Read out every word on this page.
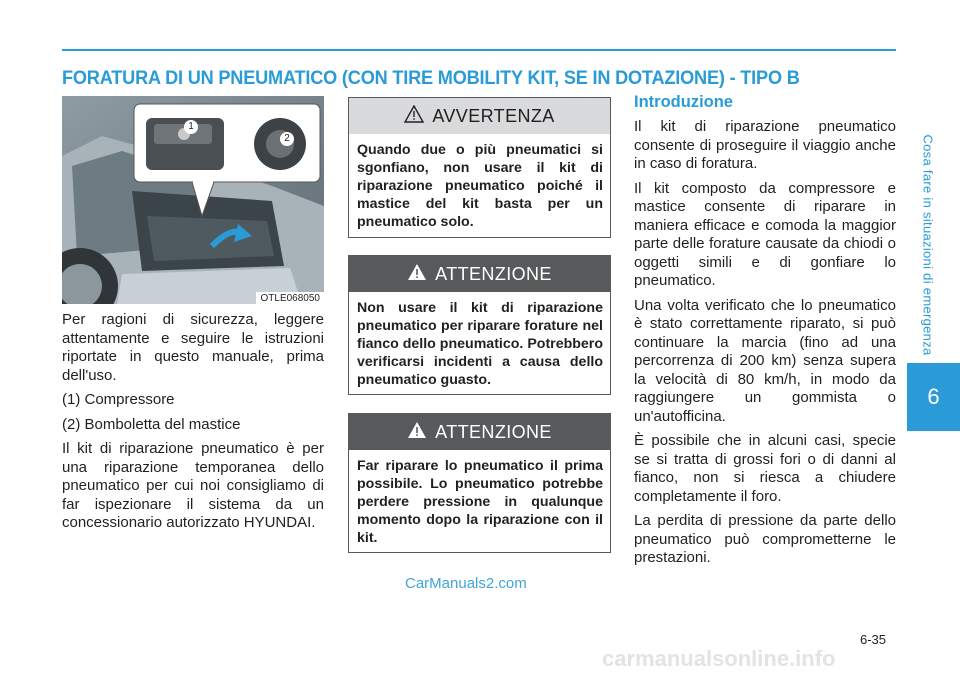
FORATURA DI UN PNEUMATICO (CON TIRE MOBILITY KIT, SE IN DOTAZIONE) - TIPO B
Cosa fare in situazioni di emergenza
6
1
2
OTLE068050

Per ragioni di sicurezza, leggere attentamente e seguire le istruzioni riportate in questo manuale, prima dell'uso.

(1) Compressore

(2) Bomboletta del mastice

Il kit di riparazione pneumatico è per una riparazione temporanea dello pneumatico per cui noi consigliamo di far ispezionare il sistema da un concessionario autorizzato HYUNDAI.

AVVERTENZA
Quando due o più pneumatici si sgonfiano, non usare il kit di riparazione pneumatico poiché il mastice del kit basta per un pneumatico solo.
ATTENZIONE
Non usare il kit di riparazione pneumatico per riparare forature nel fianco dello pneumatico. Potrebbero verificarsi incidenti a causa dello pneumatico guasto.
ATTENZIONE
Far riparare lo pneumatico il prima possibile. Lo pneumatico potrebbe perdere pressione in qualunque momento dopo la riparazione con il kit.
Introduzione

Il kit di riparazione pneumatico consente di proseguire il viaggio anche in caso di foratura.

Il kit composto da compressore e mastice consente di riparare in maniera efficace e comoda la maggior parte delle forature causate da chiodi o oggetti simili e di gonfiare lo pneumatico.

Una volta verificato che lo pneumatico è stato correttamente riparato, si può continuare la marcia (fino ad una percorrenza di 200 km) senza supera la velocità di 80 km/h, in modo da raggiungere un gommista o un'autofficina.

È possibile che in alcuni casi, specie se si tratta di grossi fori o di danni al fianco, non si riesca a chiudere completamente il foro.

La perdita di pressione da parte dello pneumatico può comprometterne le prestazioni.

CarManuals2.com
6-35
carmanualsonline.info
